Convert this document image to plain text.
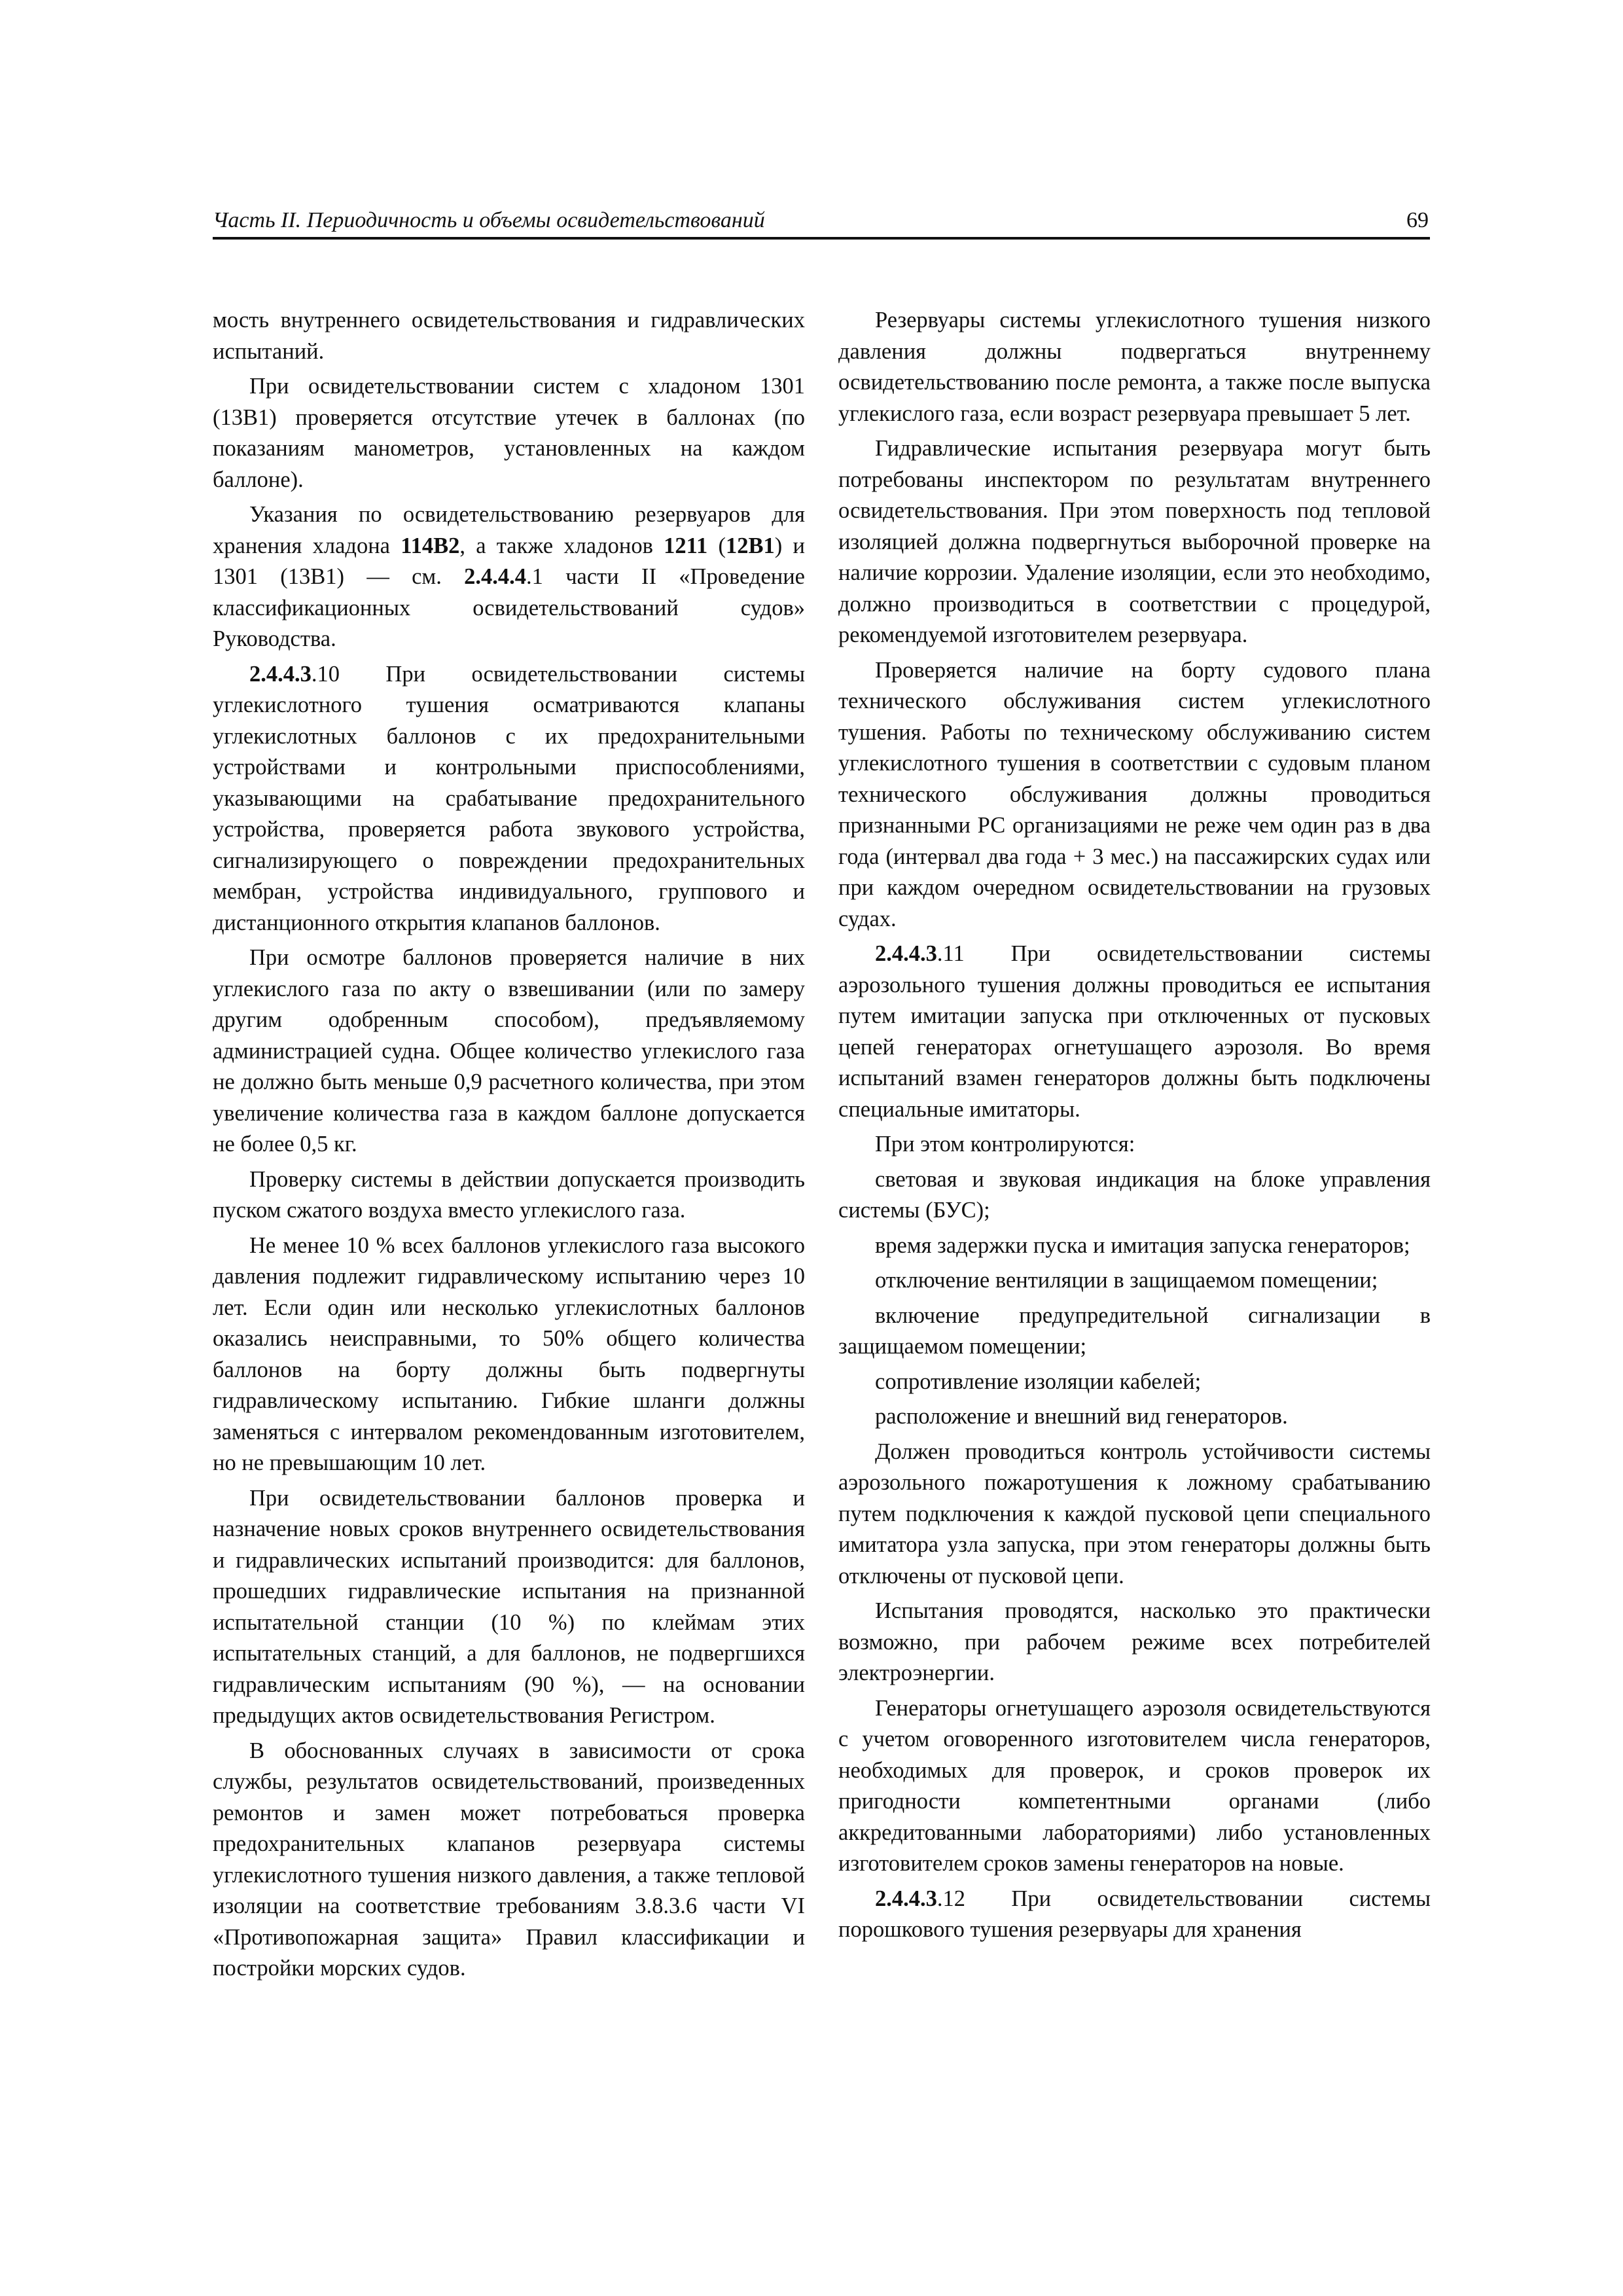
Часть II. Периодичность и объемы освидетельствований	69

мость внутреннего освидетельствования и гидравлических испытаний.

При освидетельствовании систем с хладоном 1301 (13В1) проверяется отсутствие утечек в баллонах (по показаниям манометров, установленных на каждом баллоне).

Указания по освидетельствованию резервуаров для хранения хладона 114В2, а также хладонов 1211 (12В1) и 1301 (13В1) — см. 2.4.4.4.1 части II «Проведение классификационных освидетельствований судов» Руководства.

2.4.4.3.10 При освидетельствовании системы углекислотного тушения осматриваются клапаны углекислотных баллонов с их предохранительными устройствами и контрольными приспособлениями, указывающими на срабатывание предохранительного устройства, проверяется работа звукового устройства, сигнализирующего о повреждении предохранительных мембран, устройства индивидуального, группового и дистанционного открытия клапанов баллонов.

При осмотре баллонов проверяется наличие в них углекислого газа по акту о взвешивании (или по замеру другим одобренным способом), предъявляемому администрацией судна. Общее количество углекислого газа не должно быть меньше 0,9 расчетного количества, при этом увеличение количества газа в каждом баллоне допускается не более 0,5 кг.

Проверку системы в действии допускается производить пуском сжатого воздуха вместо углекислого газа.

Не менее 10 % всех баллонов углекислого газа высокого давления подлежит гидравлическому испытанию через 10 лет. Если один или несколько углекислотных баллонов оказались неисправными, то 50% общего количества баллонов на борту должны быть подвергнуты гидравлическому испытанию. Гибкие шланги должны заменяться с интервалом рекомендованным изготовителем, но не превышающим 10 лет.

При освидетельствовании баллонов проверка и назначение новых сроков внутреннего освидетельствования и гидравлических испытаний производится: для баллонов, прошедших гидравлические испытания на признанной испытательной станции (10 %) по клеймам этих испытательных станций, а для баллонов, не подвергшихся гидравлическим испытаниям (90 %), — на основании предыдущих актов освидетельствования Регистром.

В обоснованных случаях в зависимости от срока службы, результатов освидетельствований, произведенных ремонтов и замен может потребоваться проверка предохранительных клапанов резервуара системы углекислотного тушения низкого давления, а также тепловой изоляции на соответствие требованиям 3.8.3.6 части VI «Противопожарная защита» Правил классификации и постройки морских судов.

Резервуары системы углекислотного тушения низкого давления должны подвергаться внутреннему освидетельствованию после ремонта, а также после выпуска углекислого газа, если возраст резервуара превышает 5 лет.

Гидравлические испытания резервуара могут быть потребованы инспектором по результатам внутреннего освидетельствования. При этом поверхность под тепловой изоляцией должна подвергнуться выборочной проверке на наличие коррозии. Удаление изоляции, если это необходимо, должно производиться в соответствии с процедурой, рекомендуемой изготовителем резервуара.

Проверяется наличие на борту судового плана технического обслуживания систем углекислотного тушения. Работы по техническому обслуживанию систем углекислотного тушения в соответствии с судовым планом технического обслуживания должны проводиться признанными РС организациями не реже чем один раз в два года (интервал два года + 3 мес.) на пассажирских судах или при каждом очередном освидетельствовании на грузовых судах.

2.4.4.3.11 При освидетельствовании системы аэрозольного тушения должны проводиться ее испытания путем имитации запуска при отключенных от пусковых цепей генераторах огнетушащего аэрозоля. Во время испытаний взамен генераторов должны быть подключены специальные имитаторы.

При этом контролируются:

световая и звуковая индикация на блоке управления системы (БУС);

время задержки пуска и имитация запуска генераторов;

отключение вентиляции в защищаемом помещении;

включение предупредительной сигнализации в защищаемом помещении;

сопротивление изоляции кабелей;

расположение и внешний вид генераторов.

Должен проводиться контроль устойчивости системы аэрозольного пожаротушения к ложному срабатыванию путем подключения к каждой пусковой цепи специального имитатора узла запуска, при этом генераторы должны быть отключены от пусковой цепи.

Испытания проводятся, насколько это практически возможно, при рабочем режиме всех потребителей электроэнергии.

Генераторы огнетушащего аэрозоля освидетельствуются с учетом оговоренного изготовителем числа генераторов, необходимых для проверок, и сроков проверок их пригодности компетентными органами (либо аккредитованными лабораториями) либо установленных изготовителем сроков замены генераторов на новые.

2.4.4.3.12 При освидетельствовании системы порошкового тушения резервуары для хранения
